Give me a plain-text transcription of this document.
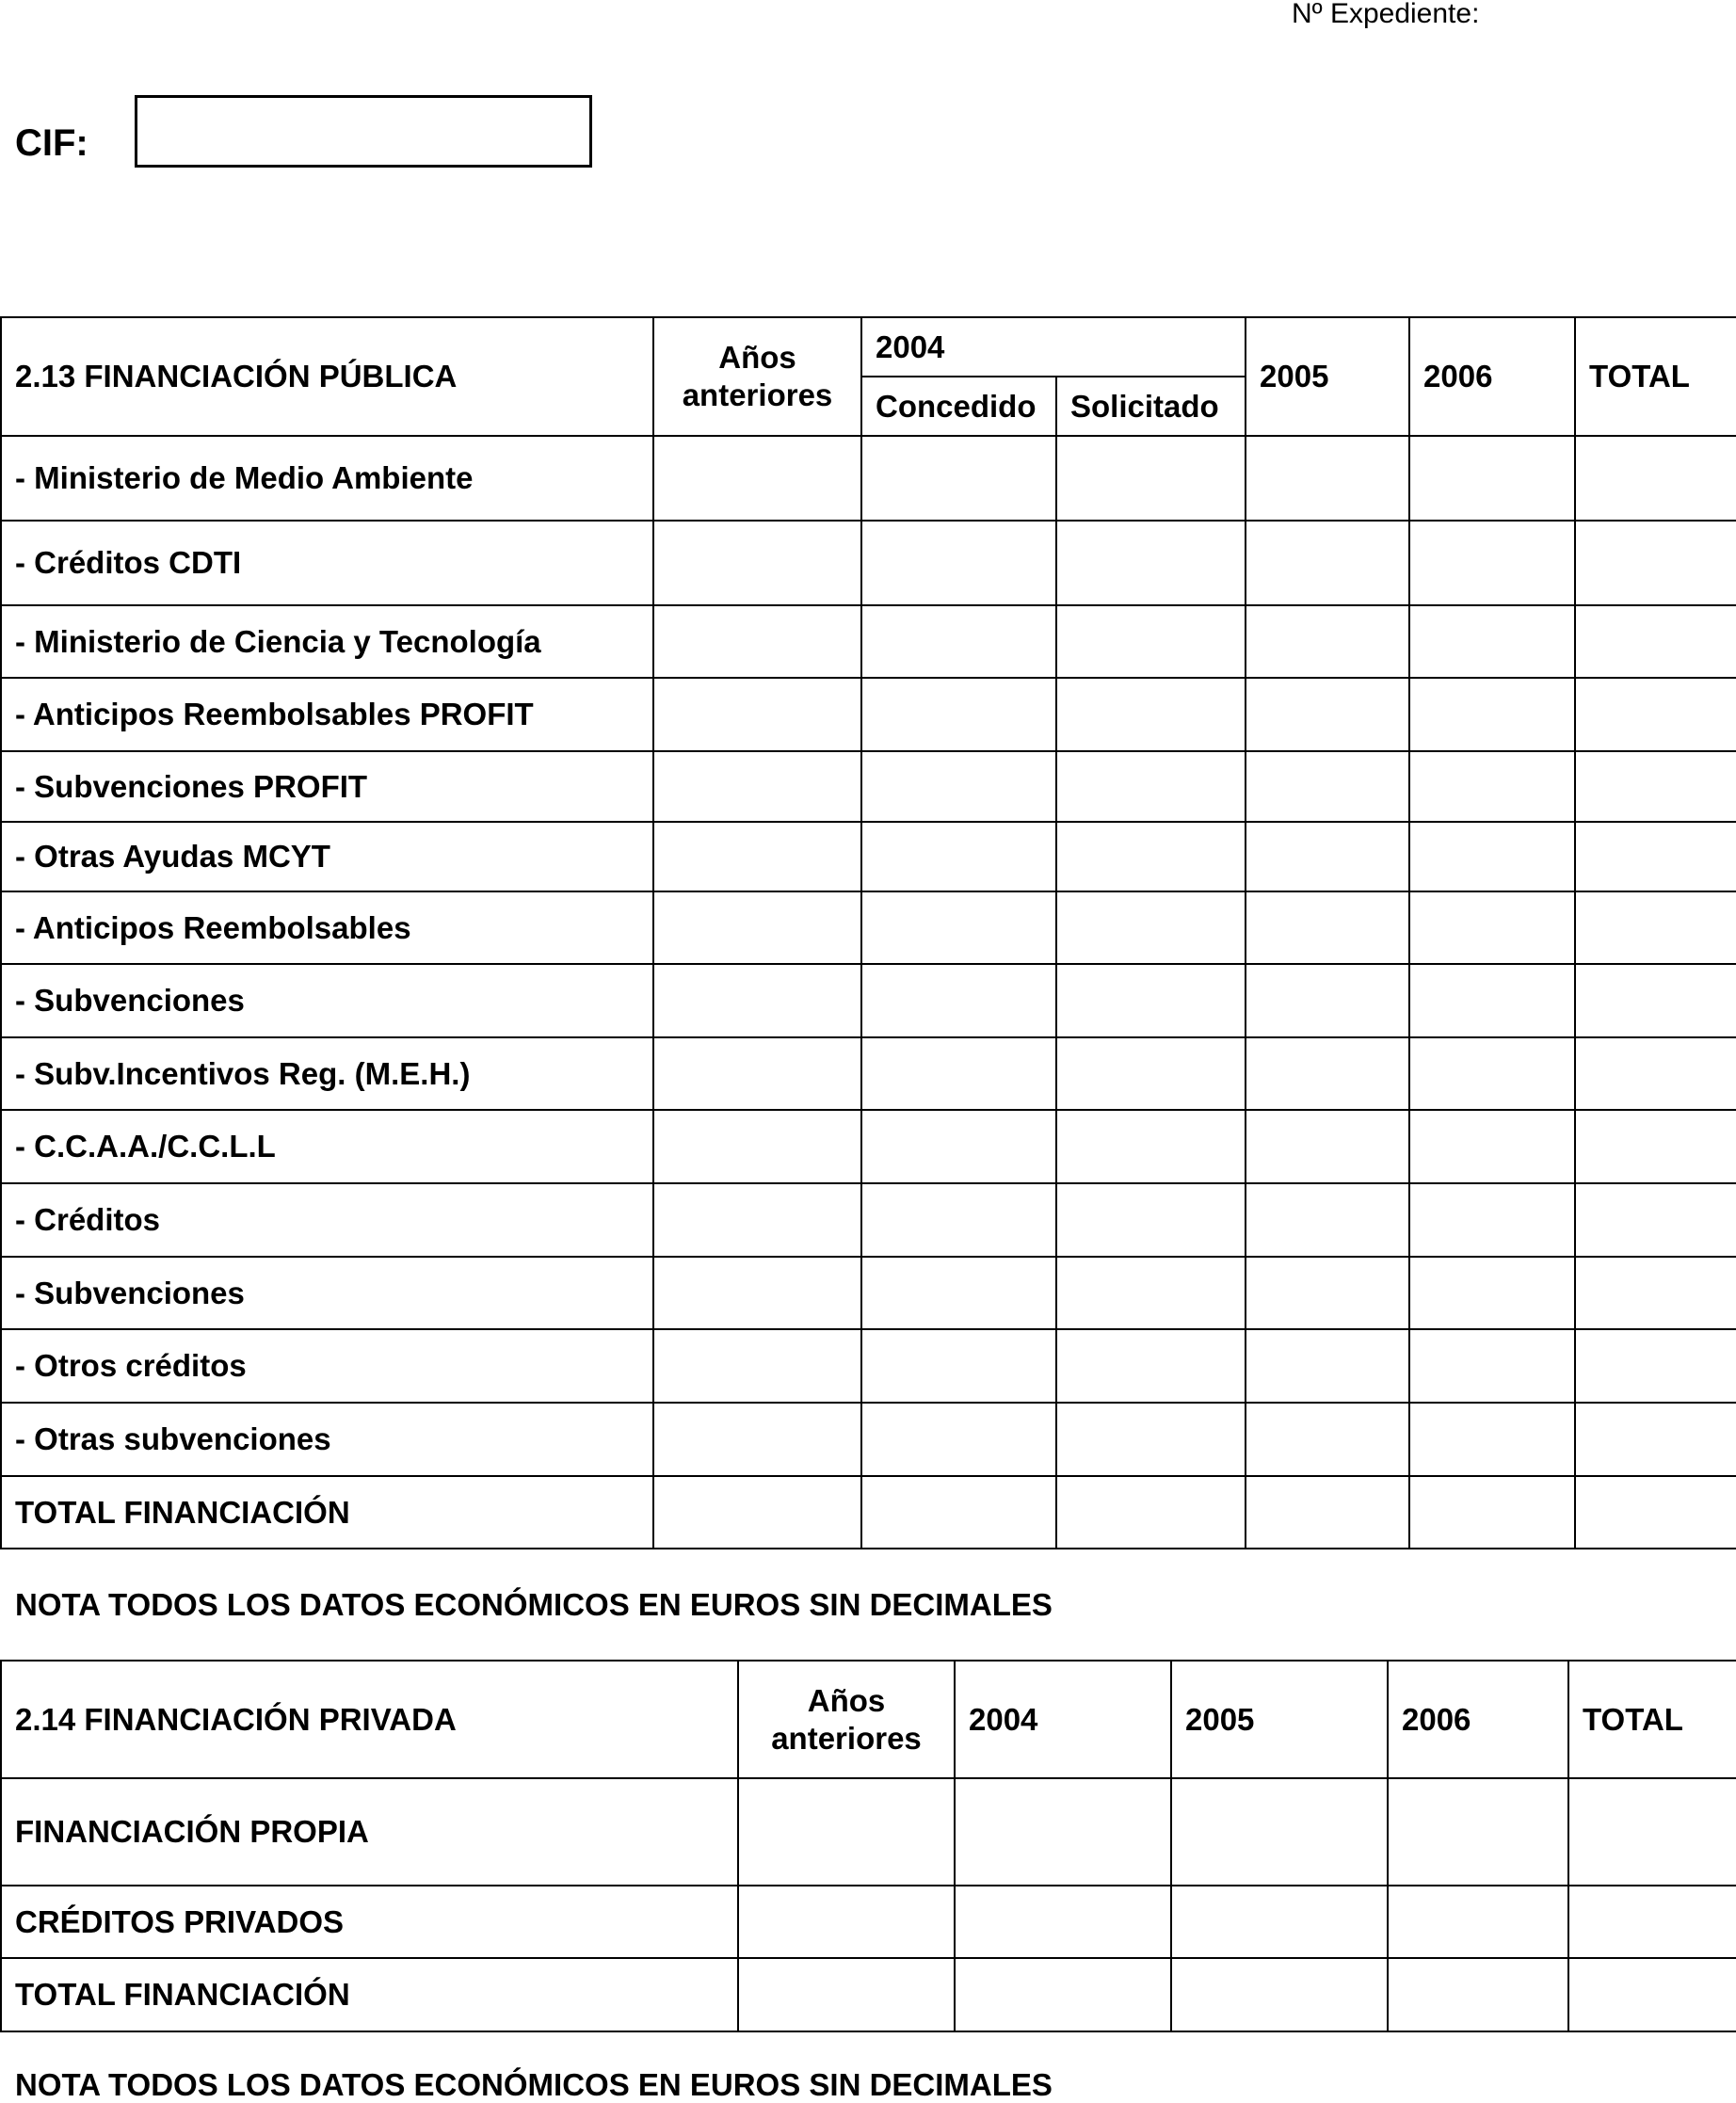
Nº Expediente:
CIF:
2.13 FINANCIACIÓN PÚBLICA	Años anteriores	2004		2005	2006	TOTAL
		Concedido	Solicitado			
- Ministerio de Medio Ambiente						
- Créditos CDTI						
- Ministerio de Ciencia y Tecnología						
- Anticipos Reembolsables PROFIT						
- Subvenciones PROFIT						
- Otras Ayudas MCYT						
- Anticipos Reembolsables						
- Subvenciones						
- Subv.Incentivos Reg. (M.E.H.)						
- C.C.A.A./C.C.L.L						
- Créditos						
- Subvenciones						
- Otros créditos						
- Otras subvenciones						
TOTAL FINANCIACIÓN						
NOTA TODOS LOS DATOS ECONÓMICOS EN EUROS SIN DECIMALES
2.14 FINANCIACIÓN PRIVADA	Años anteriores	2004	2005	2006	TOTAL
FINANCIACIÓN PROPIA					
CRÉDITOS PRIVADOS					
TOTAL FINANCIACIÓN					
NOTA TODOS LOS DATOS ECONÓMICOS EN EUROS SIN DECIMALES
